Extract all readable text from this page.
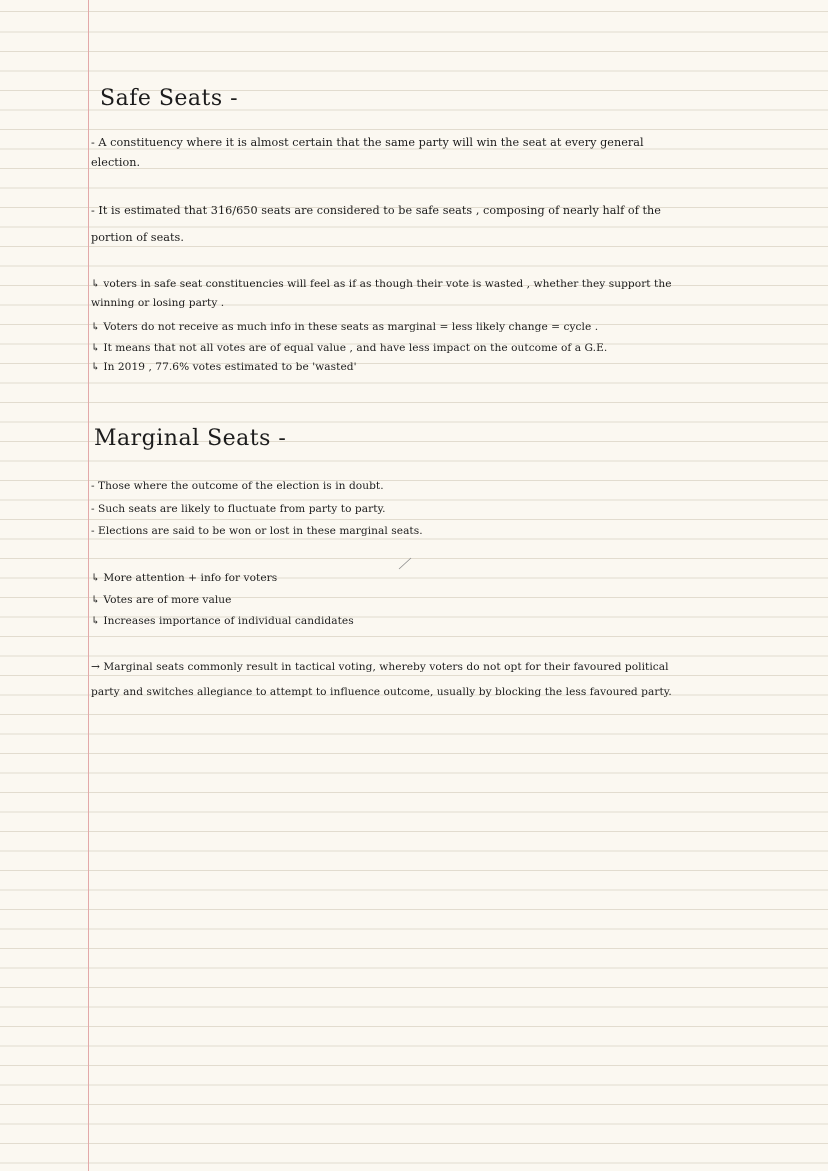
Safe Seats -
- A constituency where it is almost certain that the same party will win the seat at every general
election.
- It is estimated that 316/650 seats are considered to be safe seats , composing of nearly half of the
portion of seats.
↳ voters in safe seat constituencies will feel as if as though their vote is wasted , whether they support the
winning or losing party .
↳ Voters do not receive as much info in these seats as marginal = less likely change = cycle .
↳ It means that not all votes are of equal value , and have less impact on the outcome of a G.E.
↳ In 2019 , 77.6% votes estimated to be 'wasted'
Marginal Seats -
- Those where the outcome of the election is in doubt.
- Such seats are likely to fluctuate from party to party.
- Elections are said to be won or lost in these marginal seats.
↳ More attention + info for voters
↳ Votes are of more value
↳ Increases importance of individual candidates
→ Marginal seats commonly result in tactical voting, whereby voters do not opt for their favoured political
party and switches allegiance to attempt to influence outcome, usually by blocking the less favoured party.
